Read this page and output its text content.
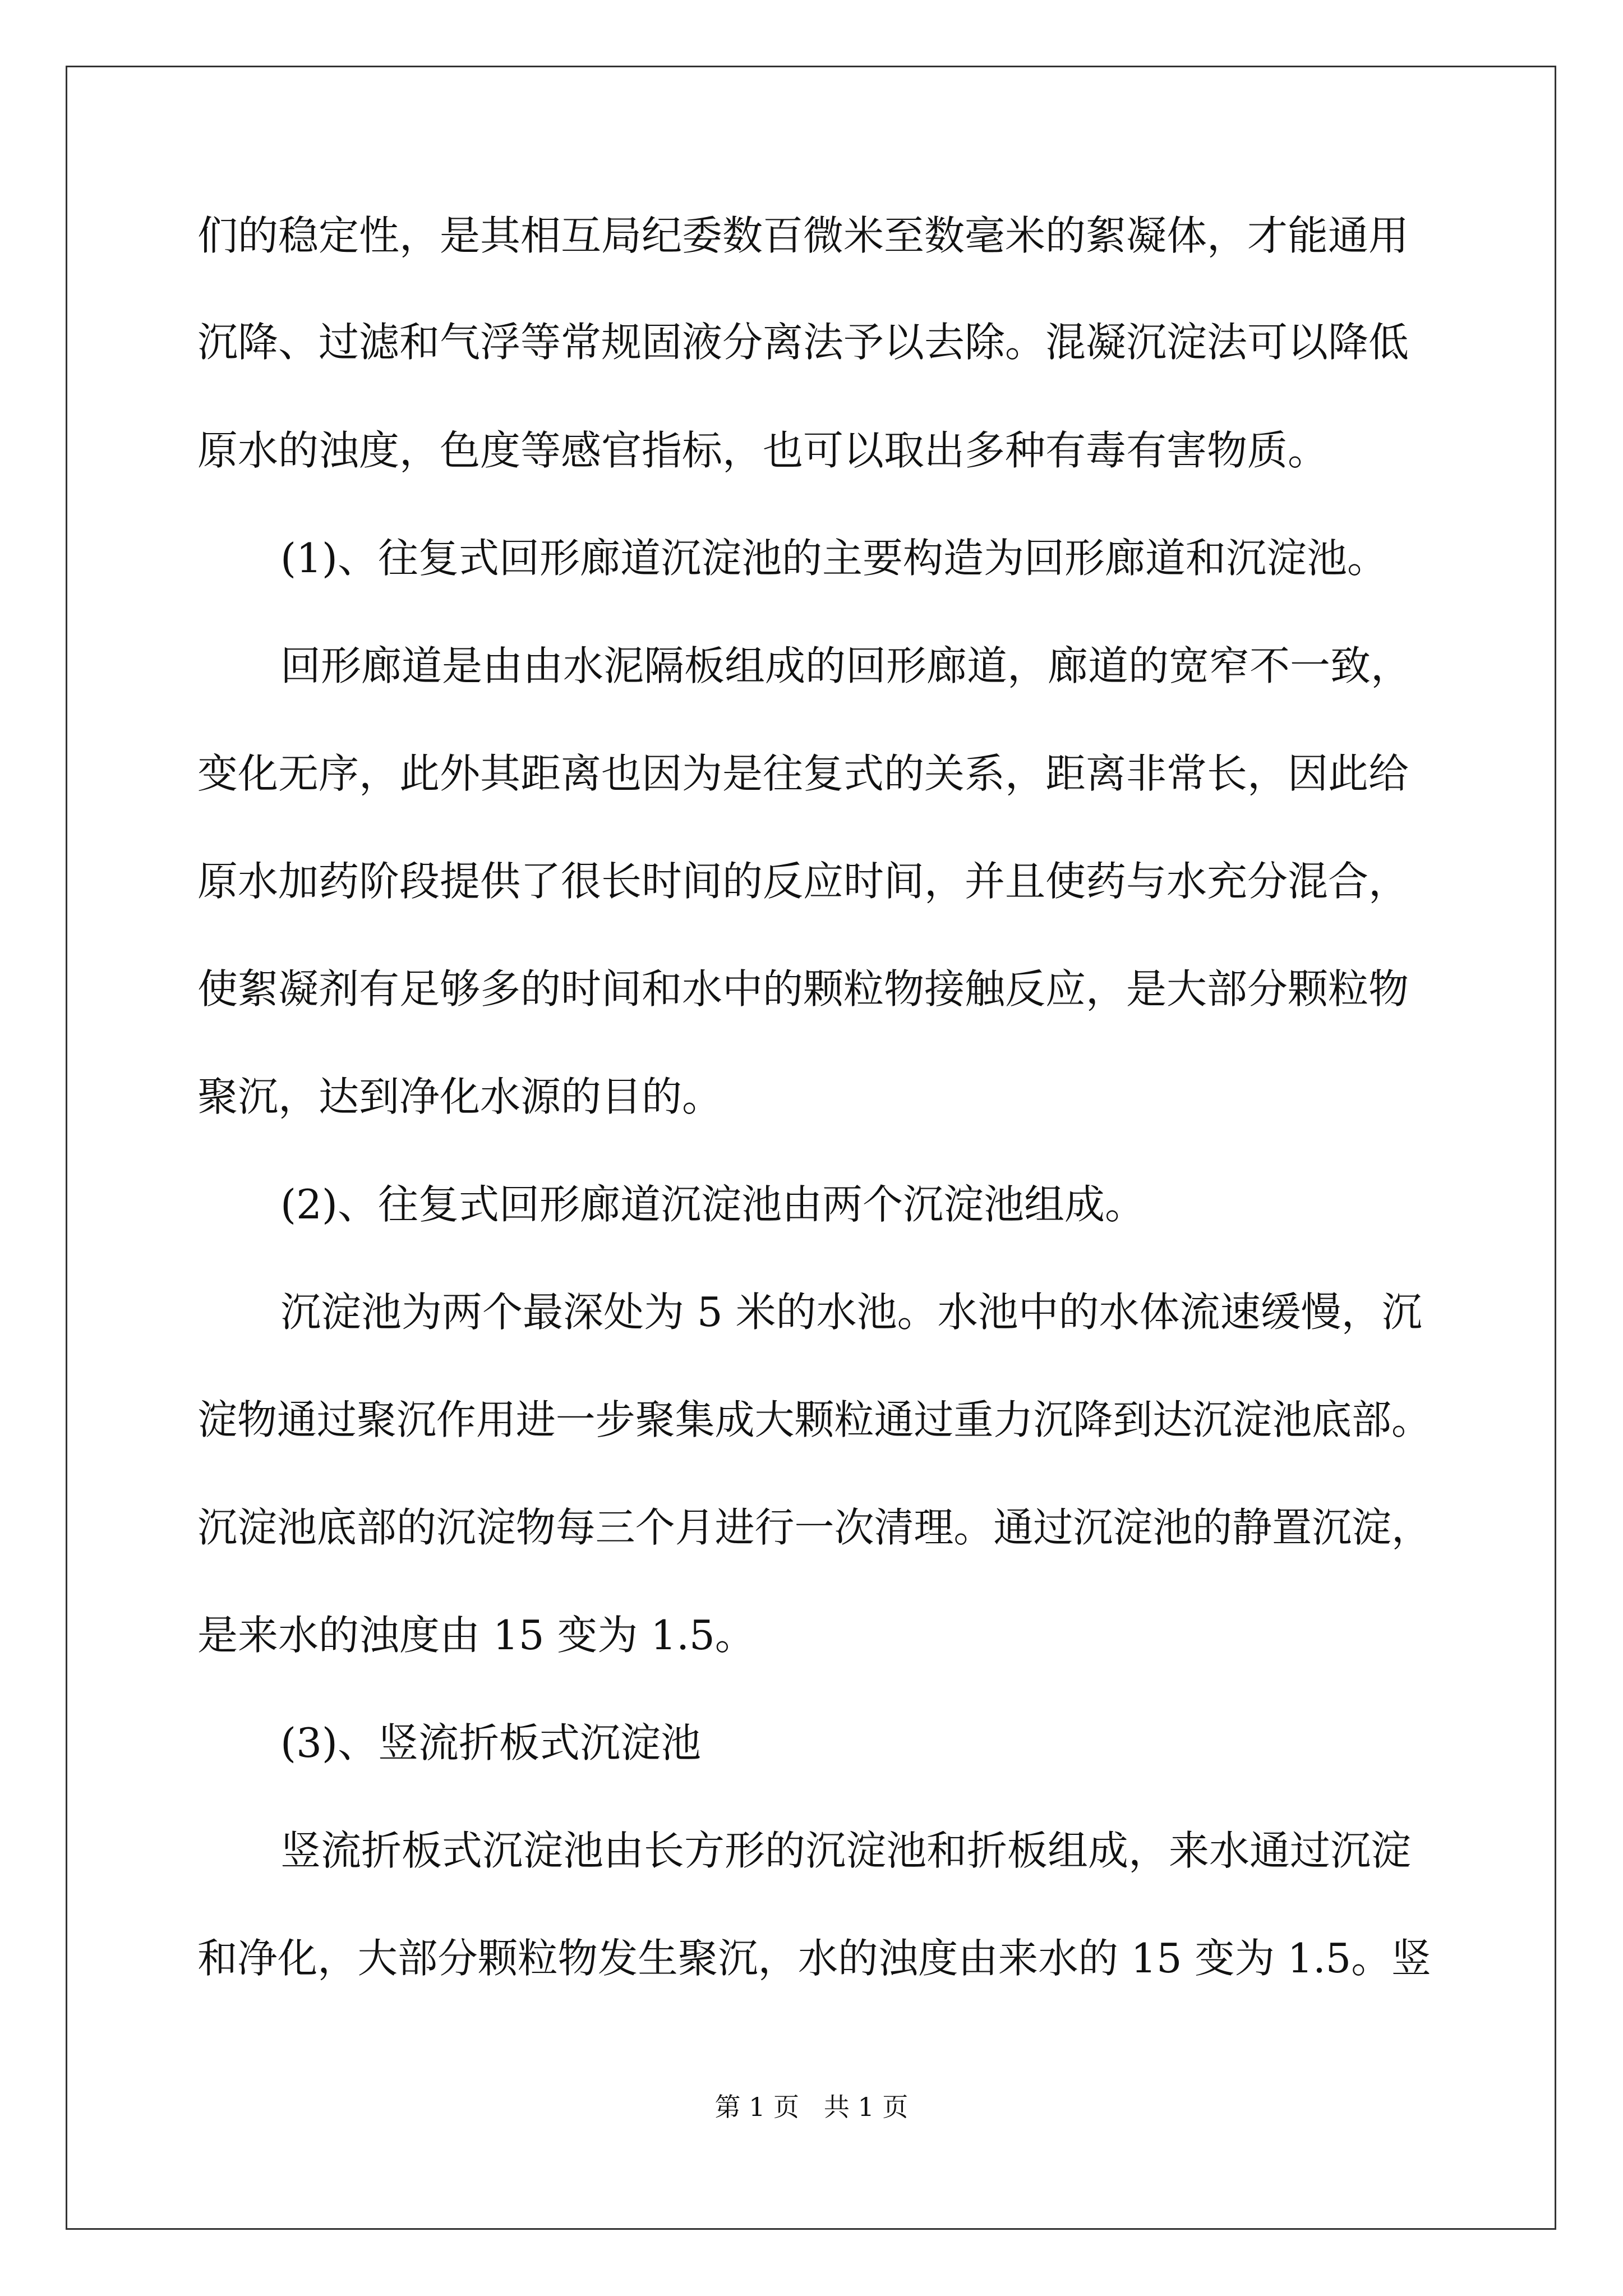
们的稳定性，是其相互局纪委数百微米至数毫米的絮凝体，才能通用
沉降、过滤和气浮等常规固液分离法予以去除。混凝沉淀法可以降低
原水的浊度，色度等感官指标，也可以取出多种有毒有害物质。
(1)、往复式回形廊道沉淀池的主要构造为回形廊道和沉淀池。
回形廊道是由由水泥隔板组成的回形廊道，廊道的宽窄不一致，
变化无序，此外其距离也因为是往复式的关系，距离非常长，因此给
原水加药阶段提供了很长时间的反应时间，并且使药与水充分混合，
使絮凝剂有足够多的时间和水中的颗粒物接触反应，是大部分颗粒物
聚沉，达到净化水源的目的。
(2)、往复式回形廊道沉淀池由两个沉淀池组成。
沉淀池为两个最深处为 5 米的水池。水池中的水体流速缓慢，沉
淀物通过聚沉作用进一步聚集成大颗粒通过重力沉降到达沉淀池底部。
沉淀池底部的沉淀物每三个月进行一次清理。通过沉淀池的静置沉淀，
是来水的浊度由 15 变为 1.5。
(3)、竖流折板式沉淀池
竖流折板式沉淀池由长方形的沉淀池和折板组成，来水通过沉淀
和净化，大部分颗粒物发生聚沉，水的浊度由来水的 15 变为 1.5。竖
第 1 页   共 1 页
